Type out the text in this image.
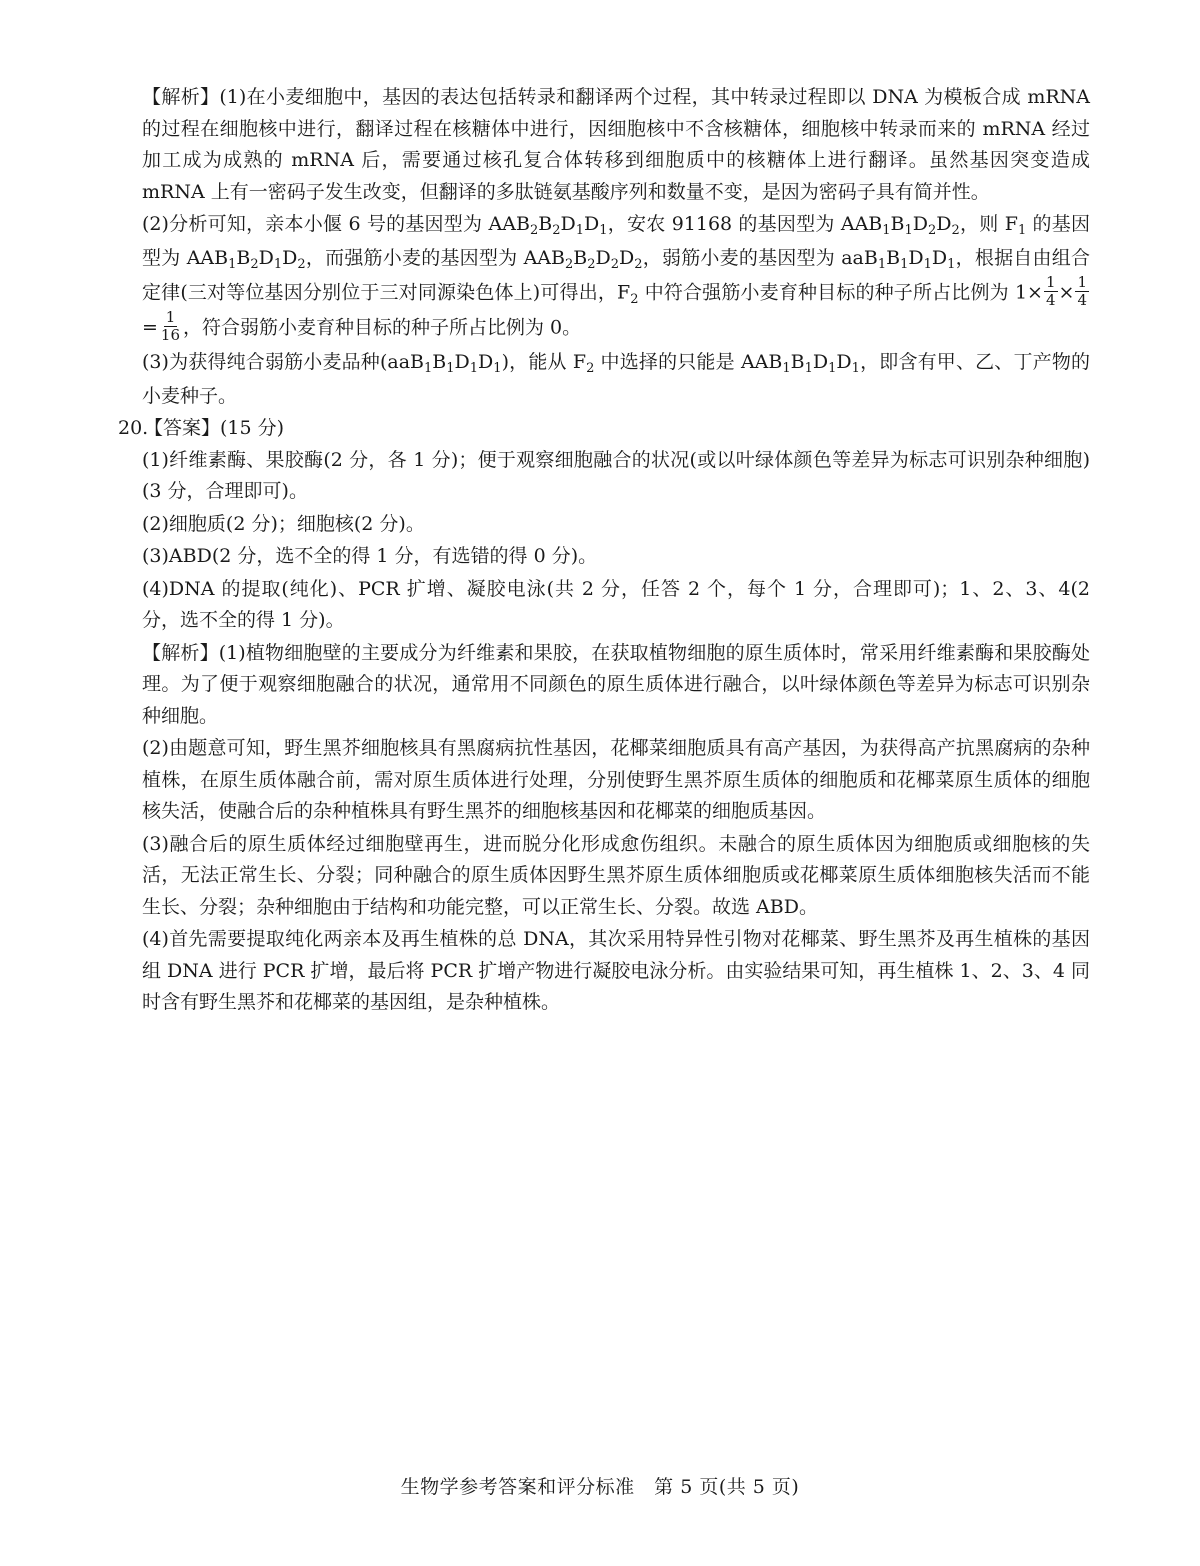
【解析】(1)在小麦细胞中，基因的表达包括转录和翻译两个过程，其中转录过程即以 DNA 为模板合成 mRNA 的过程在细胞核中进行，翻译过程在核糖体中进行，因细胞核中不含核糖体，细胞核中转录而来的 mRNA 经过加工成为成熟的 mRNA 后，需要通过核孔复合体转移到细胞质中的核糖体上进行翻译。虽然基因突变造成 mRNA 上有一密码子发生改变，但翻译的多肽链氨基酸序列和数量不变，是因为密码子具有简并性。

(2)分析可知，亲本小偃 6 号的基因型为 $AAB_2B_2D_1D_1$，安农 91168 的基因型为 $AAB_1B_1D_2D_2$，则 $F_1$ 的基因型为 $AAB_1B_2D_1D_2$，而强筋小麦的基因型为 $AAB_2B_2D_2D_2$，弱筋小麦的基因型为 $aaB_1B_1D_1D_1$，根据自由组合定律(三对等位基因分别位于三对同源染色体上)可得出，$F_2$ 中符合强筋小麦育种目标的种子所占比例为 $1\times \frac{1}{4} \times \frac{1}{4}$
= $\frac{1}{16}$ ，符合弱筋小麦育种目标的种子所占比例为 0。

(3)为获得纯合弱筋小麦品种$(aaB_1B_1D_1D_1)$，能从 $F_2$ 中选择的只能是 $AAB_1B_1D_1D_1$，即含有甲、乙、丁产物的小麦种子。

20.【答案】(15 分)

(1)纤维素酶、果胶酶(2 分，各 1 分)；便于观察细胞融合的状况(或以叶绿体颜色等差异为标志可识别杂种细胞)(3 分，合理即可)。

(2)细胞质(2 分)；细胞核(2 分)。

(3)ABD(2 分，选不全的得 1 分，有选错的得 0 分)。

(4)DNA 的提取(纯化)、PCR 扩增、凝胶电泳(共 2 分，任答 2 个，每个 1 分，合理即可)；1、2、3、4(2 分，选不全的得 1 分)。

【解析】(1)植物细胞壁的主要成分为纤维素和果胶，在获取植物细胞的原生质体时，常采用纤维素酶和果胶酶处理。为了便于观察细胞融合的状况，通常用不同颜色的原生质体进行融合，以叶绿体颜色等差异为标志可识别杂种细胞。

(2)由题意可知，野生黑芥细胞核具有黑腐病抗性基因，花椰菜细胞质具有高产基因，为获得高产抗黑腐病的杂种植株，在原生质体融合前，需对原生质体进行处理，分别使野生黑芥原生质体的细胞质和花椰菜原生质体的细胞核失活，使融合后的杂种植株具有野生黑芥的细胞核基因和花椰菜的细胞质基因。

(3)融合后的原生质体经过细胞壁再生，进而脱分化形成愈伤组织。未融合的原生质体因为细胞质或细胞核的失活，无法正常生长、分裂；同种融合的原生质体因野生黑芥原生质体细胞质或花椰菜原生质体细胞核失活而不能生长、分裂；杂种细胞由于结构和功能完整，可以正常生长、分裂。故选 ABD。

(4)首先需要提取纯化两亲本及再生植株的总 DNA，其次采用特异性引物对花椰菜、野生黑芥及再生植株的基因组 DNA 进行 PCR 扩增，最后将 PCR 扩增产物进行凝胶电泳分析。由实验结果可知，再生植株 1、2、3、4 同时含有野生黑芥和花椰菜的基因组，是杂种植株。

生物学参考答案和评分标准　第 5 页(共 5 页)
